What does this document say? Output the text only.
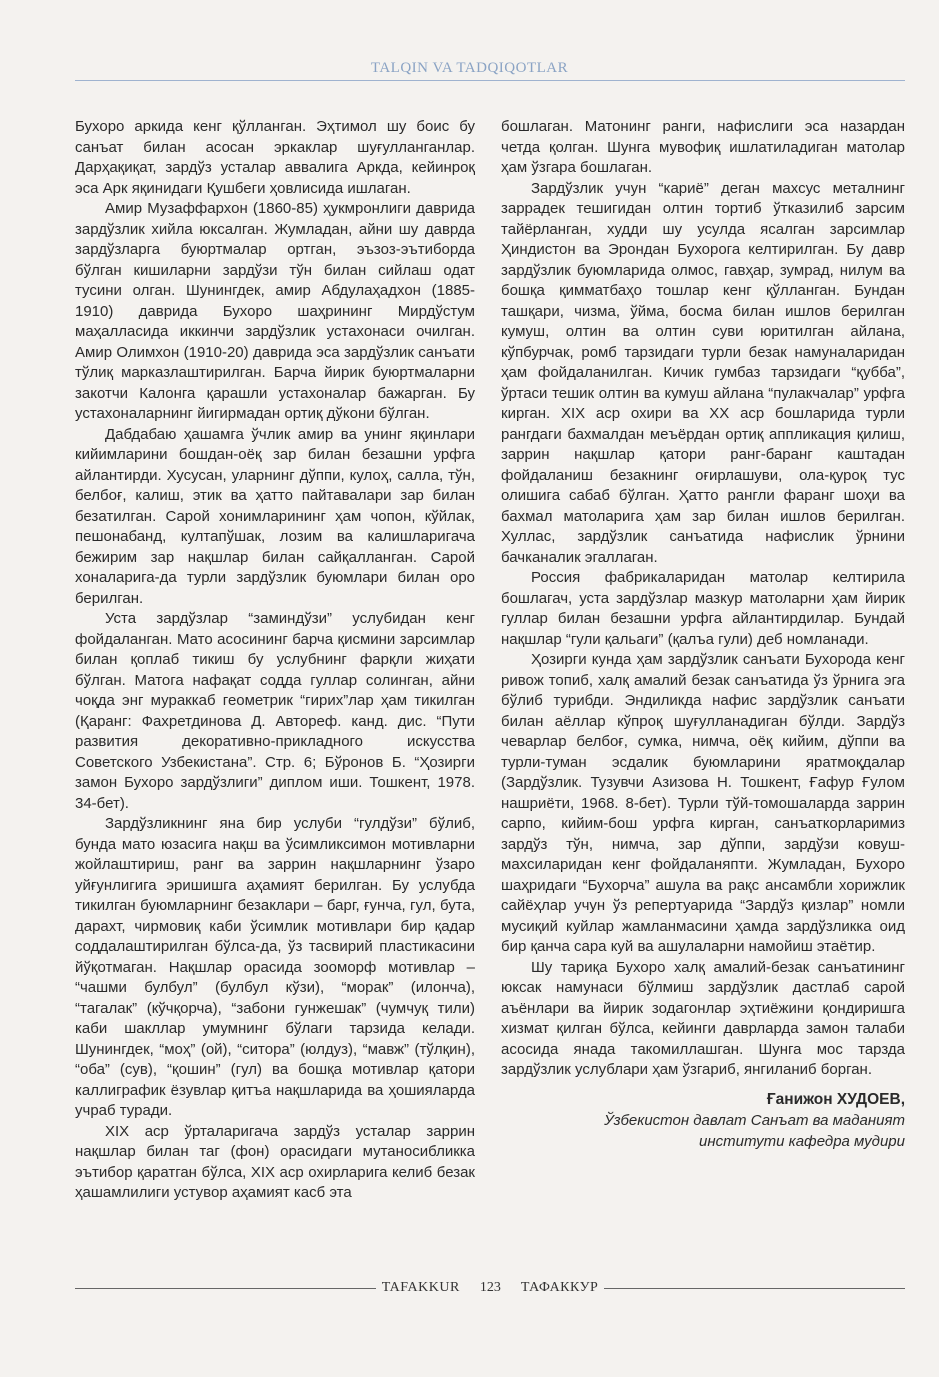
TALQIN VA TADQIQOTLAR

Бухоро аркида кенг қўлланган. Эҳтимол шу боис бу санъат билан асосан эркаклар шуғулланганлар. Дарҳақиқат, зардўз усталар аввалига Аркда, кейинроқ эса Арк яқинидаги Қушбеги ҳовлисида ишлаган.

Амир Музаффархон (1860-85) ҳукмронлиги даврида зардўзлик хийла юксалган. Жумладан, айни шу даврда зардўзларга буюртмалар ортган, эъзоз-эътиборда бўлган кишиларни зардўзи тўн билан сийлаш одат тусини олган. Шунингдек, амир Абдулаҳадхон (1885-1910) даврида Бухоро шаҳрининг Мирдўстум маҳалласида иккинчи зардўзлик устахонаси очилган. Амир Олимхон (1910-20) даврида эса зардўзлик санъати тўлиқ марказлаштирилган. Барча йирик буюртмаларни закотчи Калонга қарашли устахоналар бажарган. Бу устахоналарнинг йигирмадан ортиқ дўкони бўлган.

Дабдабаю ҳашамга ўчлик амир ва унинг яқинлари кийимларини бошдан-оёқ зар билан безашни урфга айлантирди. Хусусан, уларнинг дўппи, кулоҳ, салла, тўн, белбоғ, калиш, этик ва ҳатто пайтавалари зар билан безатилган. Сарой хонимларининг ҳам чопон, кўйлак, пешонабанд, култапўшак, лозим ва калишларигача бежирим зар нақшлар билан сайқалланган. Сарой хоналарига-да турли зардўзлик буюмлари билан оро берилган.

Уста зардўзлар “заминдўзи” услубидан кенг фойдаланган. Мато асосининг барча қисмини зарсимлар билан қоплаб тикиш бу услубнинг фарқли жиҳати бўлган. Матога нафақат содда гуллар солинган, айни чоқда энг мураккаб геометрик “гирих”лар ҳам тикилган (Қаранг: Фахретдинова Д. Автореф. канд. дис. “Пути развития декоративно-прикладного искусства Советского Узбекистана”. Стр. 6; Бўронов Б. “Ҳозирги замон Бухоро зардўзлиги” диплом иши. Тошкент, 1978. 34-бет).

Зардўзликнинг яна бир услуби “гулдўзи” бўлиб, бунда мато юзасига нақш ва ўсимликсимон мотивларни жойлаштириш, ранг ва заррин нақшларнинг ўзаро уйғунлигига эришишга аҳамият берилган. Бу услубда тикилган буюмларнинг безаклари – барг, ғунча, гул, бута, дарахт, чирмовиқ каби ўсимлик мотивлари бир қадар соддалаштирилган бўлса-да, ўз тасвирий пластикасини йўқотмаган. Нақшлар орасида зооморф мотивлар – “чашми булбул” (булбул кўзи), “морак” (илонча), “тагалак” (кўчқорча), “забони гунжешак” (чумчуқ тили) каби шакллар умумнинг бўлаги тарзида келади. Шунингдек, “моҳ” (ой), “ситора” (юлдуз), “мавж” (тўлқин), “оба” (сув), “қошин” (гул) ва бошқа мотивлар қатори каллиграфик ёзувлар қитъа нақшларида ва ҳошияларда учраб туради.

XIX аср ўрталаригача зардўз усталар заррин нақшлар билан таг (фон) орасидаги мутаносибликка эътибор қаратган бўлса, XIX аср охирларига келиб безак ҳашамлилиги устувор аҳамият касб эта

бошлаган. Матонинг ранги, нафислиги эса назардан четда қолган. Шунга мувофиқ ишлатиладиган матолар ҳам ўзгара бошлаган.

Зардўзлик учун “кариё” деган махсус металнинг заррадек тешигидан олтин тортиб ўтказилиб зарсим тайёрланган, худди шу усулда ясалган зарсимлар Ҳиндистон ва Эрондан Бухорога келтирилган. Бу давр зардўзлик буюмларида олмос, гавҳар, зумрад, нилум ва бошқа қимматбаҳо тошлар кенг қўлланган. Бундан ташқари, чизма, ўйма, босма билан ишлов берилган кумуш, олтин ва олтин суви юритилган айлана, кўпбурчак, ромб тарзидаги турли безак намуналаридан ҳам фойдаланилган. Кичик гумбаз тарзидаги “қубба”, ўртаси тешик олтин ва кумуш айлана “пулакчалар” урфга кирган. XIX аср охири ва XX аср бошларида турли рангдаги бахмалдан меъёрдан ортиқ аппликация қилиш, заррин нақшлар қатори ранг-баранг каштадан фойдаланиш безакнинг оғирлашуви, ола-қуроқ тус олишига сабаб бўлган. Ҳатто рангли фаранг шоҳи ва бахмал матоларига ҳам зар билан ишлов берилган. Хуллас, зардўзлик санъатида нафислик ўрнини бачканалик эгаллаган.

Россия фабрикаларидан матолар келтирила бошлагач, уста зардўзлар мазкур матоларни ҳам йирик гуллар билан безашни урфга айлантирдилар. Бундай нақшлар “гули қальаги” (қалъа гули) деб номланади.

Ҳозирги кунда ҳам зардўзлик санъати Бухорода кенг ривож топиб, халқ амалий безак санъатида ўз ўрнига эга бўлиб турибди. Эндиликда нафис зардўзлик санъати билан аёллар кўпроқ шуғулланадиган бўлди. Зардўз чеварлар белбоғ, сумка, нимча, оёқ кийим, дўппи ва турли-туман эсдалик буюмларини яратмоқдалар (Зардўзлик. Тузувчи Азизова Н. Тошкент, Ғафур Ғулом нашриёти, 1968. 8-бет). Турли тўй-томошаларда заррин сарпо, кийим-бош урфга кирган, санъаткорларимиз зардўз тўн, нимча, зар дўппи, зардўзи ковуш-махсиларидан кенг фойдаланяпти. Жумладан, Бухоро шаҳридаги “Бухорча” ашула ва рақс ансамбли хорижлик сайёҳлар учун ўз репертуарида “Зардўз қизлар” номли мусиқий куйлар жамланмасини ҳамда зардўзликка оид бир қанча сара куй ва ашулаларни намойиш этаётир.

Шу тариқа Бухоро халқ амалий-безак санъатининг юксак намунаси бўлмиш зардўзлик дастлаб сарой аъёнлари ва йирик зодагонлар эҳтиёжини қондиришга хизмат қилган бўлса, кейинги даврларда замон талаби асосида янада такомиллашган. Шунга мос тарзда зардўзлик услублари ҳам ўзгариб, янгиланиб борган.

Ғанижон ХУДОЕВ,
Ўзбекистон давлат Санъат ва маданият
институти кафедра мудири
TAFAKKUR	123	ТАФАККУР
